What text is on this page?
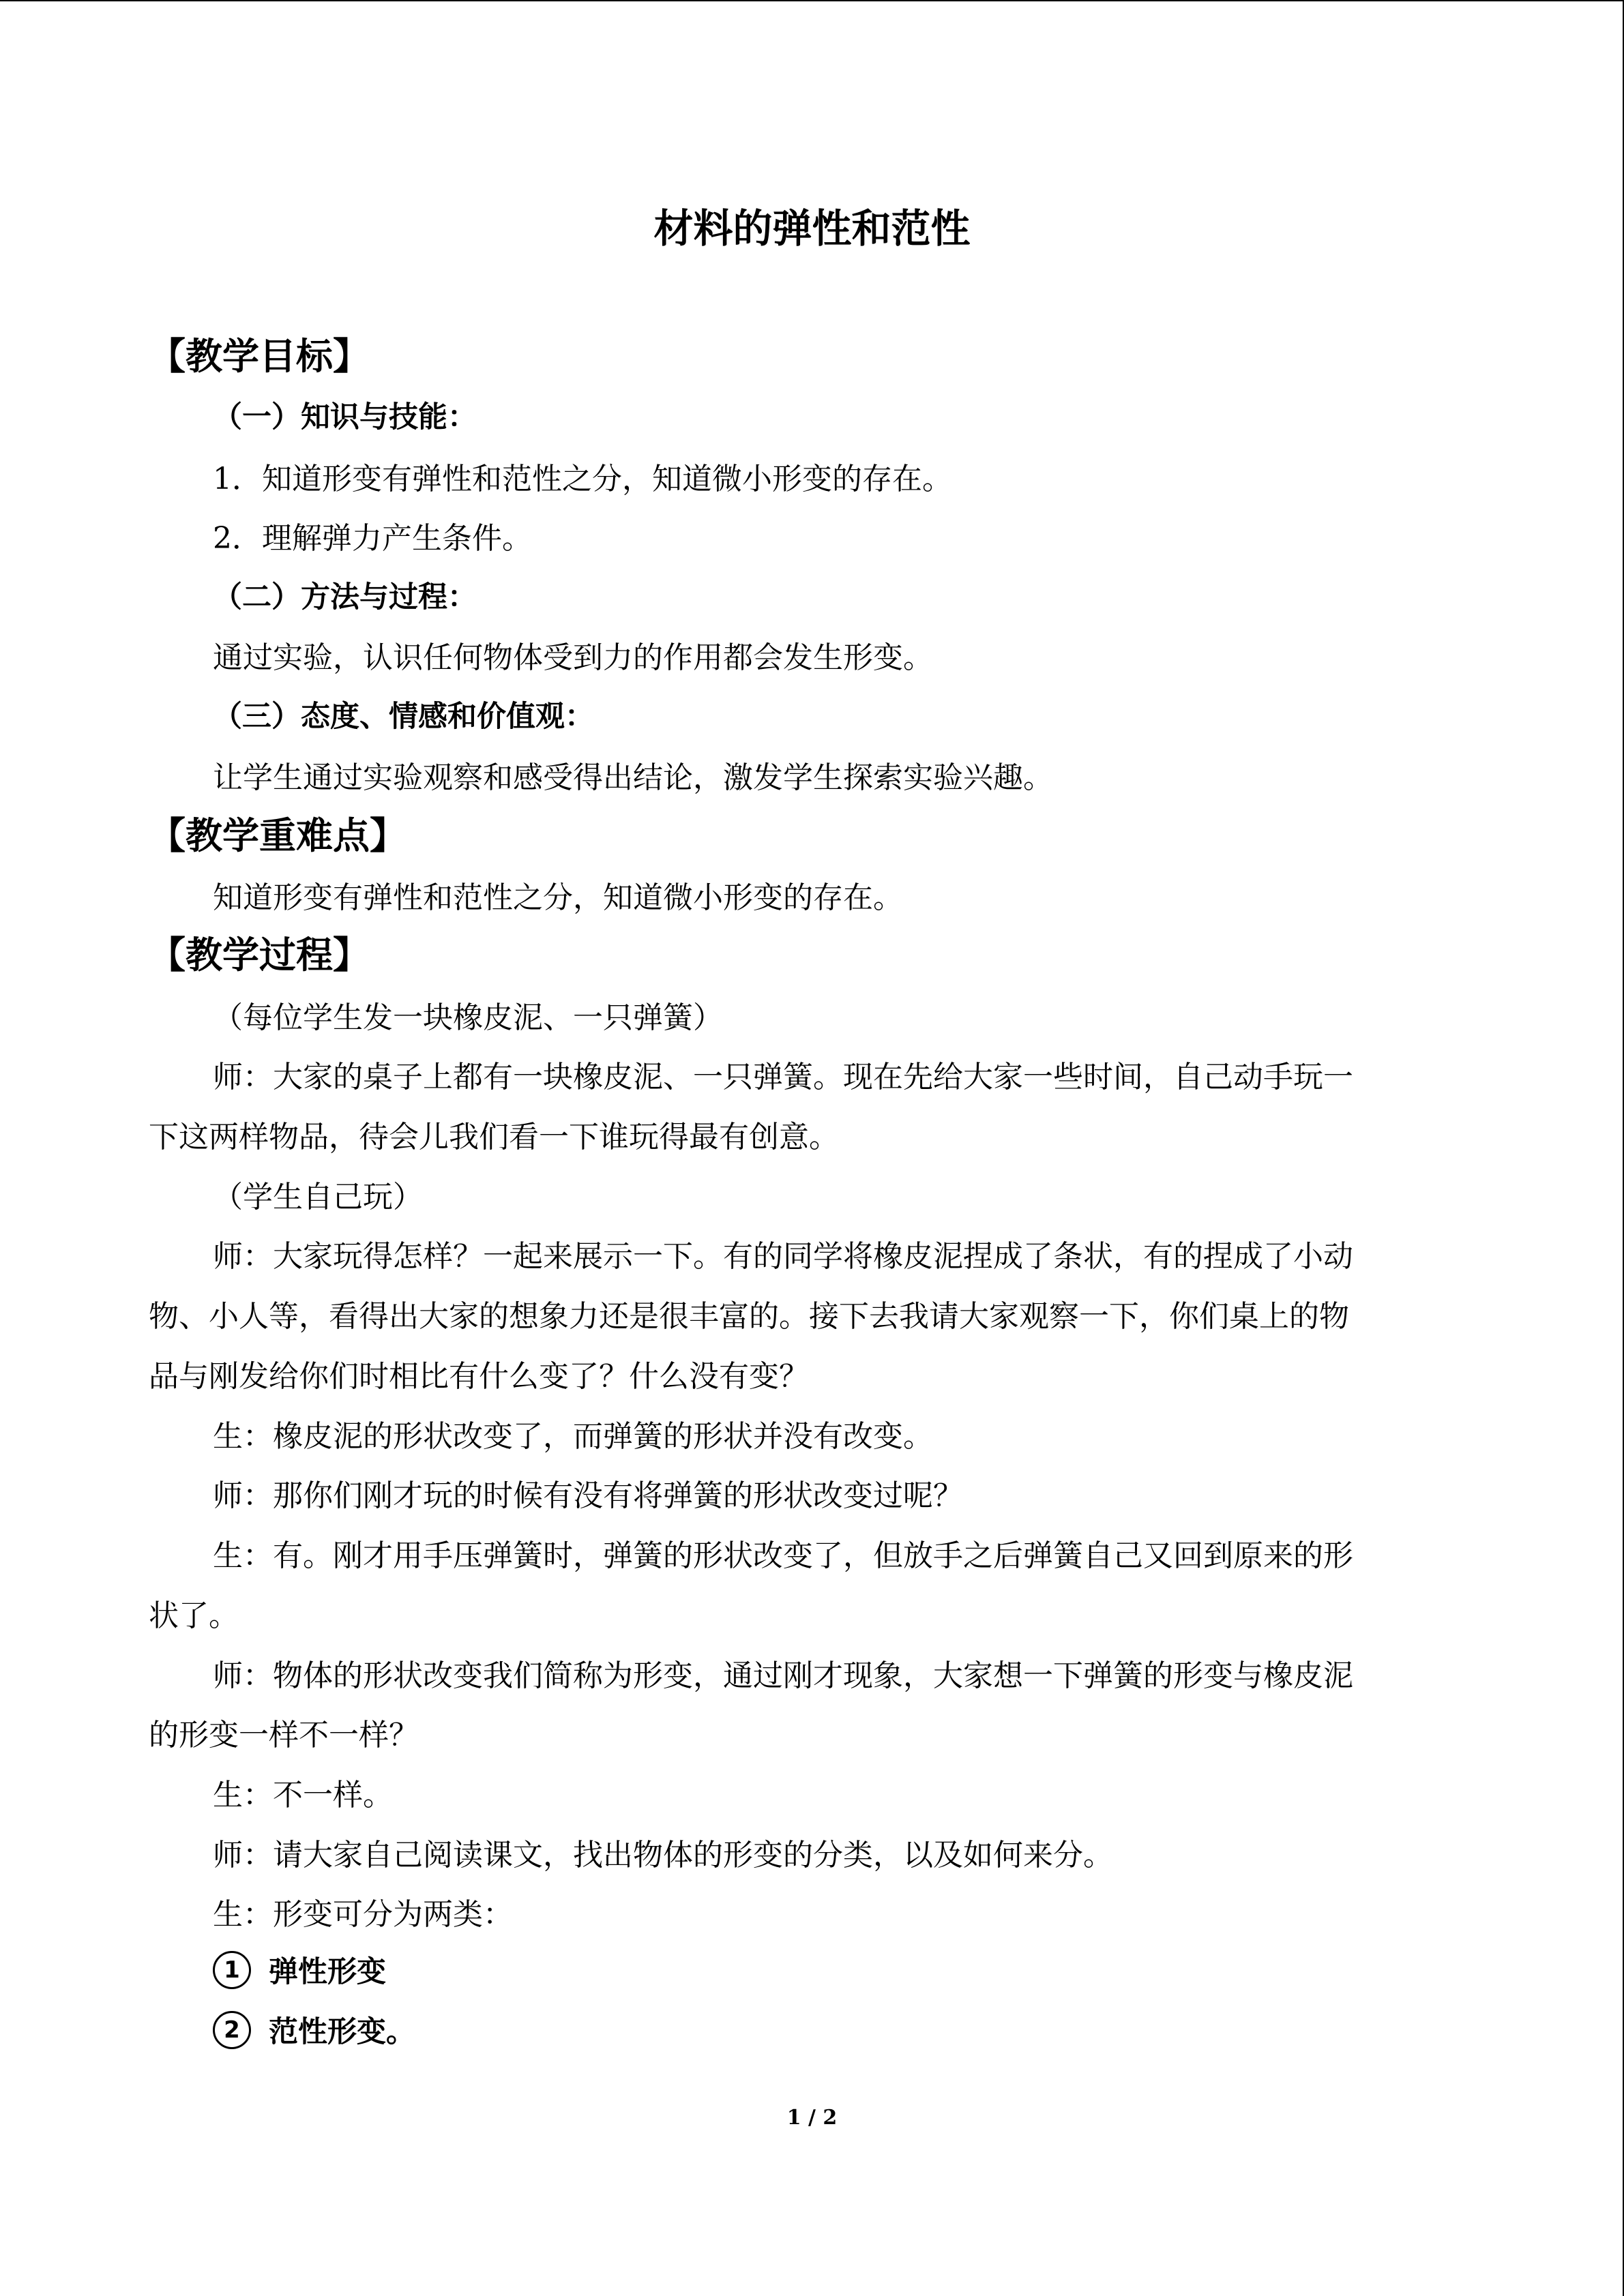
材料的弹性和范性
【教学目标】
（一）知识与技能：
1．知道形变有弹性和范性之分，知道微小形变的存在。
2．理解弹力产生条件。
（二）方法与过程：
通过实验，认识任何物体受到力的作用都会发生形变。
（三）态度、情感和价值观：
让学生通过实验观察和感受得出结论，激发学生探索实验兴趣。
【教学重难点】
知道形变有弹性和范性之分，知道微小形变的存在。
【教学过程】
（每位学生发一块橡皮泥、一只弹簧）
师：大家的桌子上都有一块橡皮泥、一只弹簧。现在先给大家一些时间，自己动手玩一
下这两样物品，待会儿我们看一下谁玩得最有创意。
（学生自己玩）
师：大家玩得怎样？一起来展示一下。有的同学将橡皮泥捏成了条状，有的捏成了小动
物、小人等，看得出大家的想象力还是很丰富的。接下去我请大家观察一下，你们桌上的物
品与刚发给你们时相比有什么变了？什么没有变？
生：橡皮泥的形状改变了，而弹簧的形状并没有改变。
师：那你们刚才玩的时候有没有将弹簧的形状改变过呢？
生：有。刚才用手压弹簧时，弹簧的形状改变了，但放手之后弹簧自己又回到原来的形
状了。
师：物体的形状改变我们简称为形变，通过刚才现象，大家想一下弹簧的形变与橡皮泥
的形变一样不一样？
生：不一样。
师：请大家自己阅读课文，找出物体的形变的分类，以及如何来分。
生：形变可分为两类：
1 弹性形变
2 范性形变。
1 / 2
